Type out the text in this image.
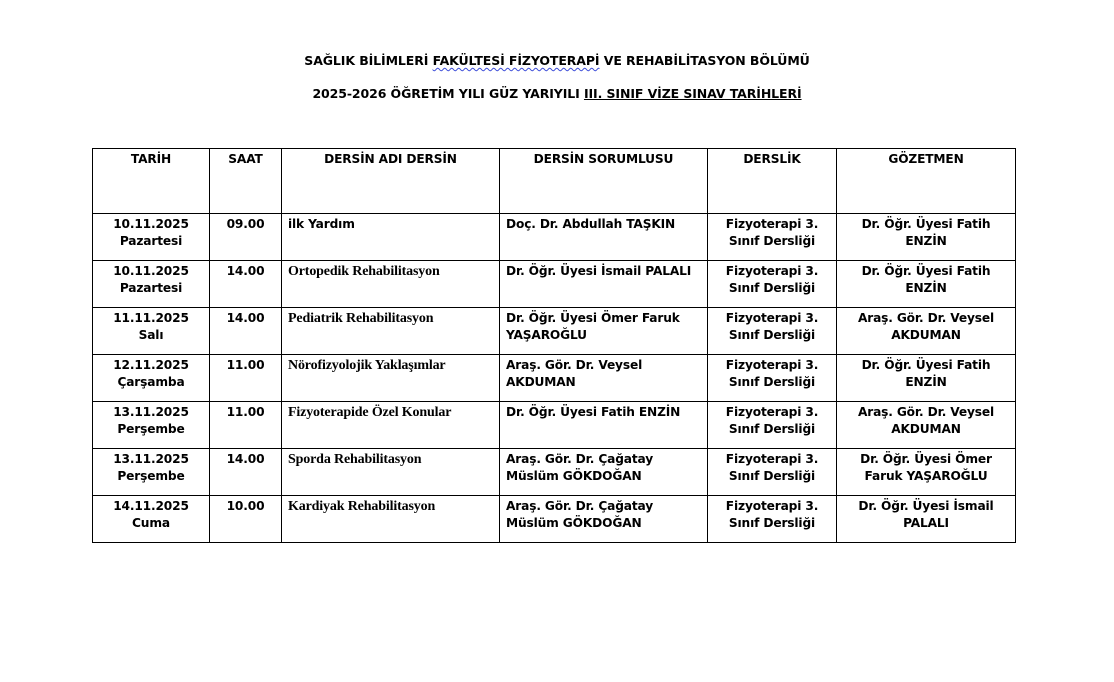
SAĞLIK BİLİMLERİ FAKÜLTESİ FİZYOTERAPİ VE REHABİLİTASYON BÖLÜMÜ
2025-2026 ÖĞRETİM YILI GÜZ YARIYILI III. SINIF VİZE SINAV TARİHLERİ
TARİH	SAAT	DERSİN ADI DERSİN	DERSİN SORUMLUSU	DERSLİK	GÖZETMEN

10.11.2025
Pazartesi	09.00	ilk Yardım	Doç. Dr. Abdullah TAŞKIN	Fizyoterapi 3. Sınıf Dersliği	Dr. Öğr. Üyesi Fatih ENZİN

10.11.2025
Pazartesi	14.00	Ortopedik Rehabilitasyon	Dr. Öğr. Üyesi İsmail PALALI	Fizyoterapi 3. Sınıf Dersliği	Dr. Öğr. Üyesi Fatih ENZİN

11.11.2025
Salı	14.00	Pediatrik Rehabilitasyon	Dr. Öğr. Üyesi Ömer Faruk YAŞAROĞLU	Fizyoterapi 3. Sınıf Dersliği	Araş. Gör. Dr. Veysel AKDUMAN

12.11.2025
Çarşamba	11.00	Nörofizyolojik Yaklaşımlar	Araş. Gör. Dr. Veysel AKDUMAN	Fizyoterapi 3. Sınıf Dersliği	Dr. Öğr. Üyesi Fatih ENZİN

13.11.2025
Perşembe	11.00	Fizyoterapide Özel Konular	Dr. Öğr. Üyesi Fatih ENZİN	Fizyoterapi 3. Sınıf Dersliği	Araş. Gör. Dr. Veysel AKDUMAN

13.11.2025
Perşembe	14.00	Sporda Rehabilitasyon	Araş. Gör. Dr. Çağatay Müslüm GÖKDOĞAN	Fizyoterapi 3. Sınıf Dersliği	Dr. Öğr. Üyesi Ömer Faruk YAŞAROĞLU

14.11.2025
Cuma	10.00	Kardiyak Rehabilitasyon	Araş. Gör. Dr. Çağatay Müslüm GÖKDOĞAN	Fizyoterapi 3. Sınıf Dersliği	Dr. Öğr. Üyesi İsmail PALALI
